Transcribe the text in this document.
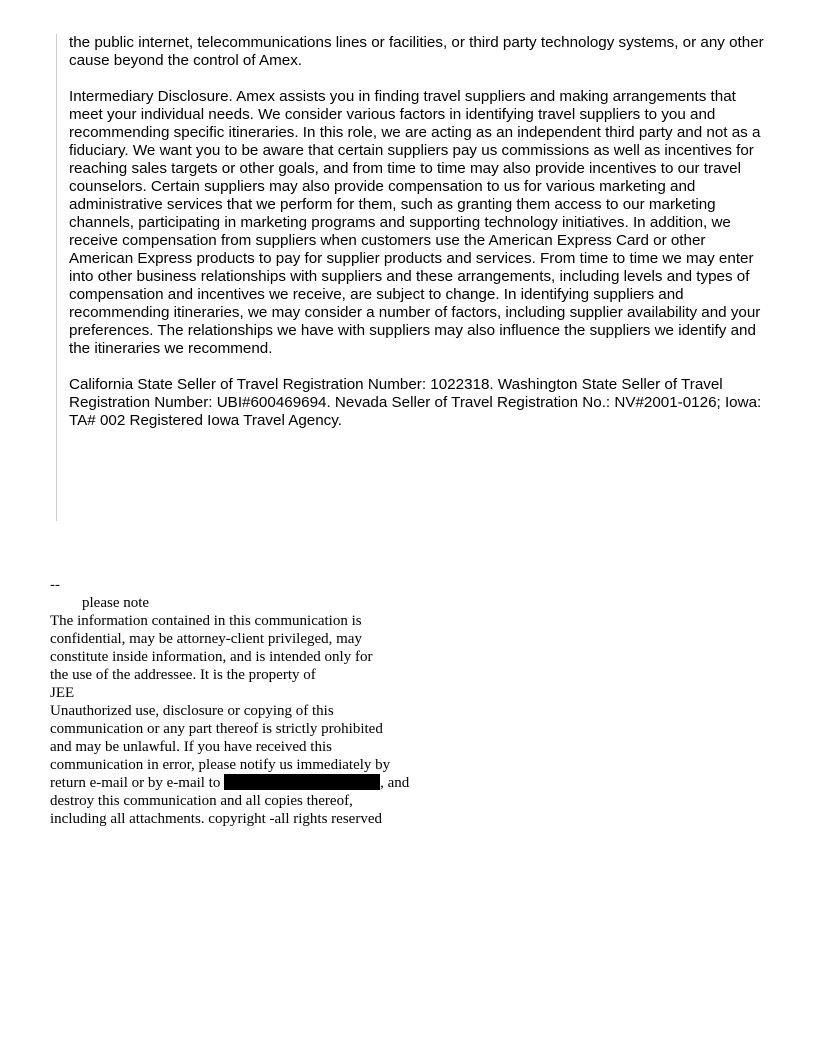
the public internet, telecommunications lines or facilities, or third party technology systems, or any other cause beyond the control of Amex.

Intermediary Disclosure. Amex assists you in finding travel suppliers and making arrangements that meet your individual needs. We consider various factors in identifying travel suppliers to you and recommending specific itineraries. In this role, we are acting as an independent third party and not as a fiduciary. We want you to be aware that certain suppliers pay us commissions as well as incentives for reaching sales targets or other goals, and from time to time may also provide incentives to our travel counselors. Certain suppliers may also provide compensation to us for various marketing and administrative services that we perform for them, such as granting them access to our marketing channels, participating in marketing programs and supporting technology initiatives. In addition, we receive compensation from suppliers when customers use the American Express Card or other American Express products to pay for supplier products and services. From time to time we may enter into other business relationships with suppliers and these arrangements, including levels and types of compensation and incentives we receive, are subject to change. In identifying suppliers and recommending itineraries, we may consider a number of factors, including supplier availability and your preferences. The relationships we have with suppliers may also influence the suppliers we identify and the itineraries we recommend.

California State Seller of Travel Registration Number: 1022318. Washington State Seller of Travel Registration Number: UBI#600469694. Nevada Seller of Travel Registration No.: NV#2001-0126; Iowa: TA# 002 Registered Iowa Travel Agency.

--
please note
The information contained in this communication is
confidential, may be attorney-client privileged, may
constitute inside information, and is intended only for
the use of the addressee. It is the property of
JEE
Unauthorized use, disclosure or copying of this
communication or any part thereof is strictly prohibited
and may be unlawful. If you have received this
communication in error, please notify us immediately by
return e-mail or by e-mail to	, and
destroy this communication and all copies thereof,
including all attachments. copyright -all rights reserved
